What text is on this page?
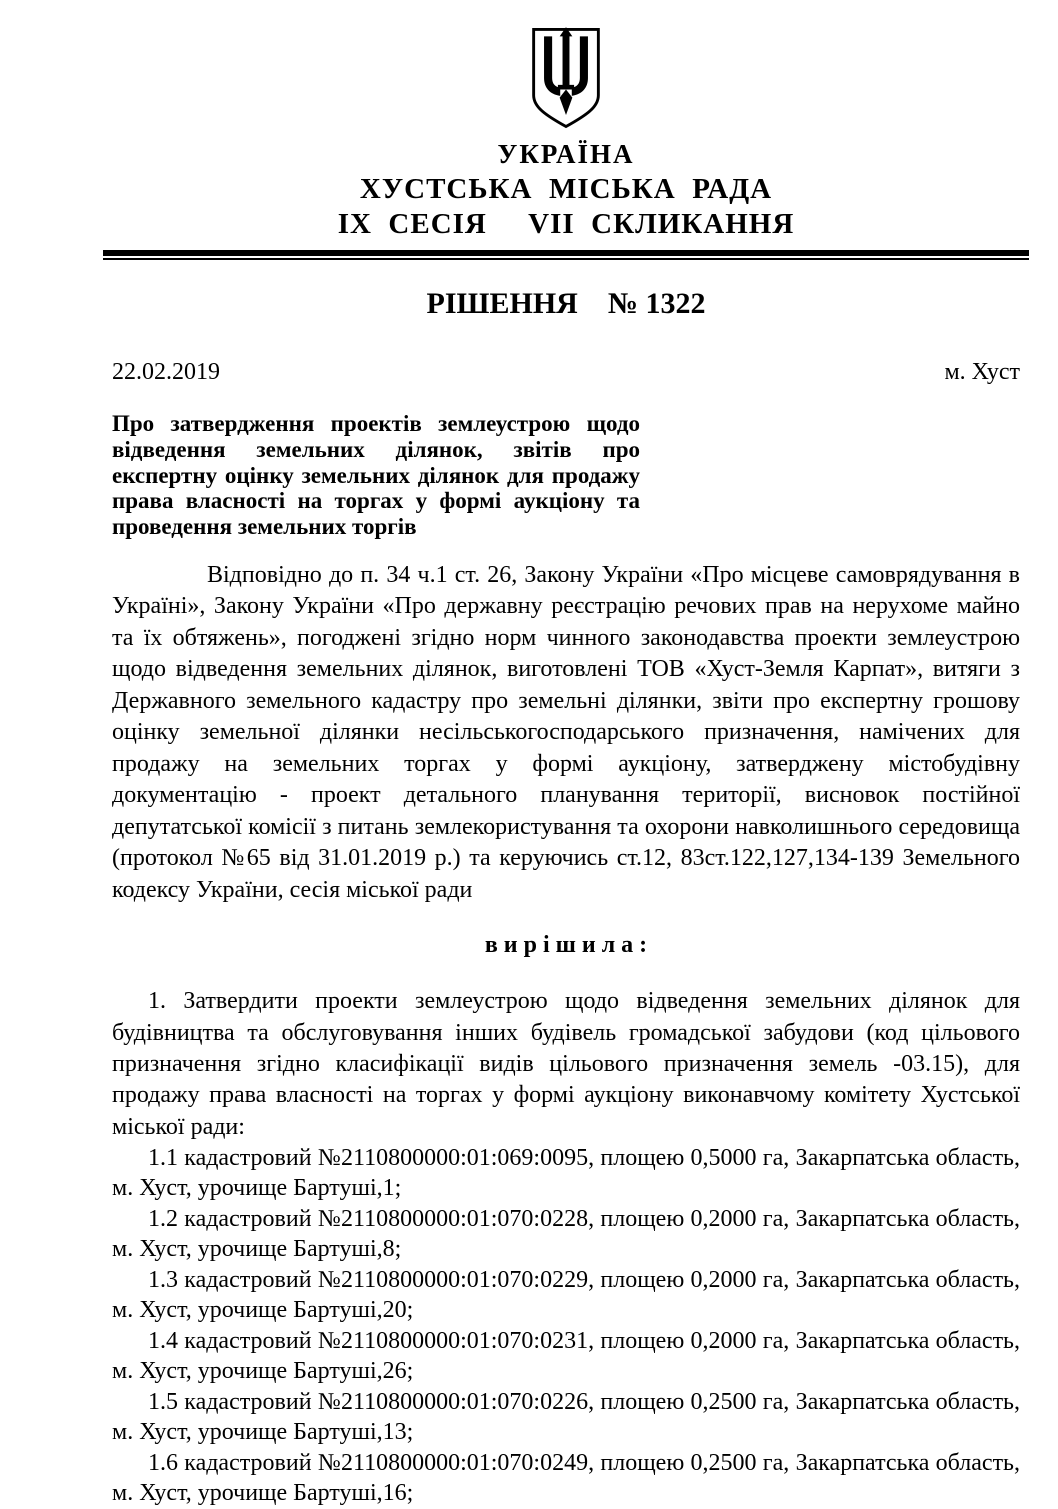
УКРАЇНА
ХУСТСЬКА  МІСЬКА  РАДА
IX  СЕСІЯ     VII  СКЛИКАННЯ
РІШЕННЯ    № 1322
22.02.2019	м. Хуст

Про затвердження проектів землеустрою щодо відведення земельних ділянок, звітів про експертну оцінку земельних ділянок для продажу права власності на торгах у формі аукціону та проведення земельних торгів

Відповідно до п. 34 ч.1 ст. 26, Закону України «Про місцеве самоврядування в Україні», Закону України «Про державну реєстрацію речових прав на нерухоме майно та їх обтяжень», погоджені згідно норм чинного законодавства проекти землеустрою щодо відведення земельних ділянок, виготовлені ТОВ «Хуст-Земля Карпат», витяги з Державного земельного кадастру про земельні ділянки, звіти про експертну грошову оцінку земельної ділянки несільськогосподарського призначення, намічених для продажу на земельних торгах у формі аукціону, затверджену містобудівну документацію - проект детального планування території, висновок постійної депутатської комісії з питань землекористування та охорони навколишнього середовища (протокол №65 від 31.01.2019 р.) та керуючись ст.12, 83ст.122,127,134-139 Земельного кодексу України, сесія міської ради

в и р і ш и л а :

1. Затвердити проекти землеустрою щодо відведення земельних ділянок для будівництва та обслуговування інших будівель громадської забудови (код цільового призначення згідно класифікації видів цільового призначення земель -03.15), для продажу права власності на торгах у формі аукціону виконавчому комітету Хустської міської ради:

1.1 кадастровий №2110800000:01:069:0095, площею 0,5000 га, Закарпатська область, м. Хуст, урочище Бартуші,1;

1.2 кадастровий №2110800000:01:070:0228, площею 0,2000 га, Закарпатська область, м. Хуст, урочище Бартуші,8;

1.3 кадастровий №2110800000:01:070:0229, площею 0,2000 га, Закарпатська область, м. Хуст, урочище Бартуші,20;

1.4 кадастровий №2110800000:01:070:0231, площею 0,2000 га, Закарпатська область, м. Хуст, урочище Бартуші,26;

1.5 кадастровий №2110800000:01:070:0226, площею 0,2500 га, Закарпатська область, м. Хуст, урочище Бартуші,13;

1.6 кадастровий №2110800000:01:070:0249, площею 0,2500 га, Закарпатська область, м. Хуст, урочище Бартуші,16;
